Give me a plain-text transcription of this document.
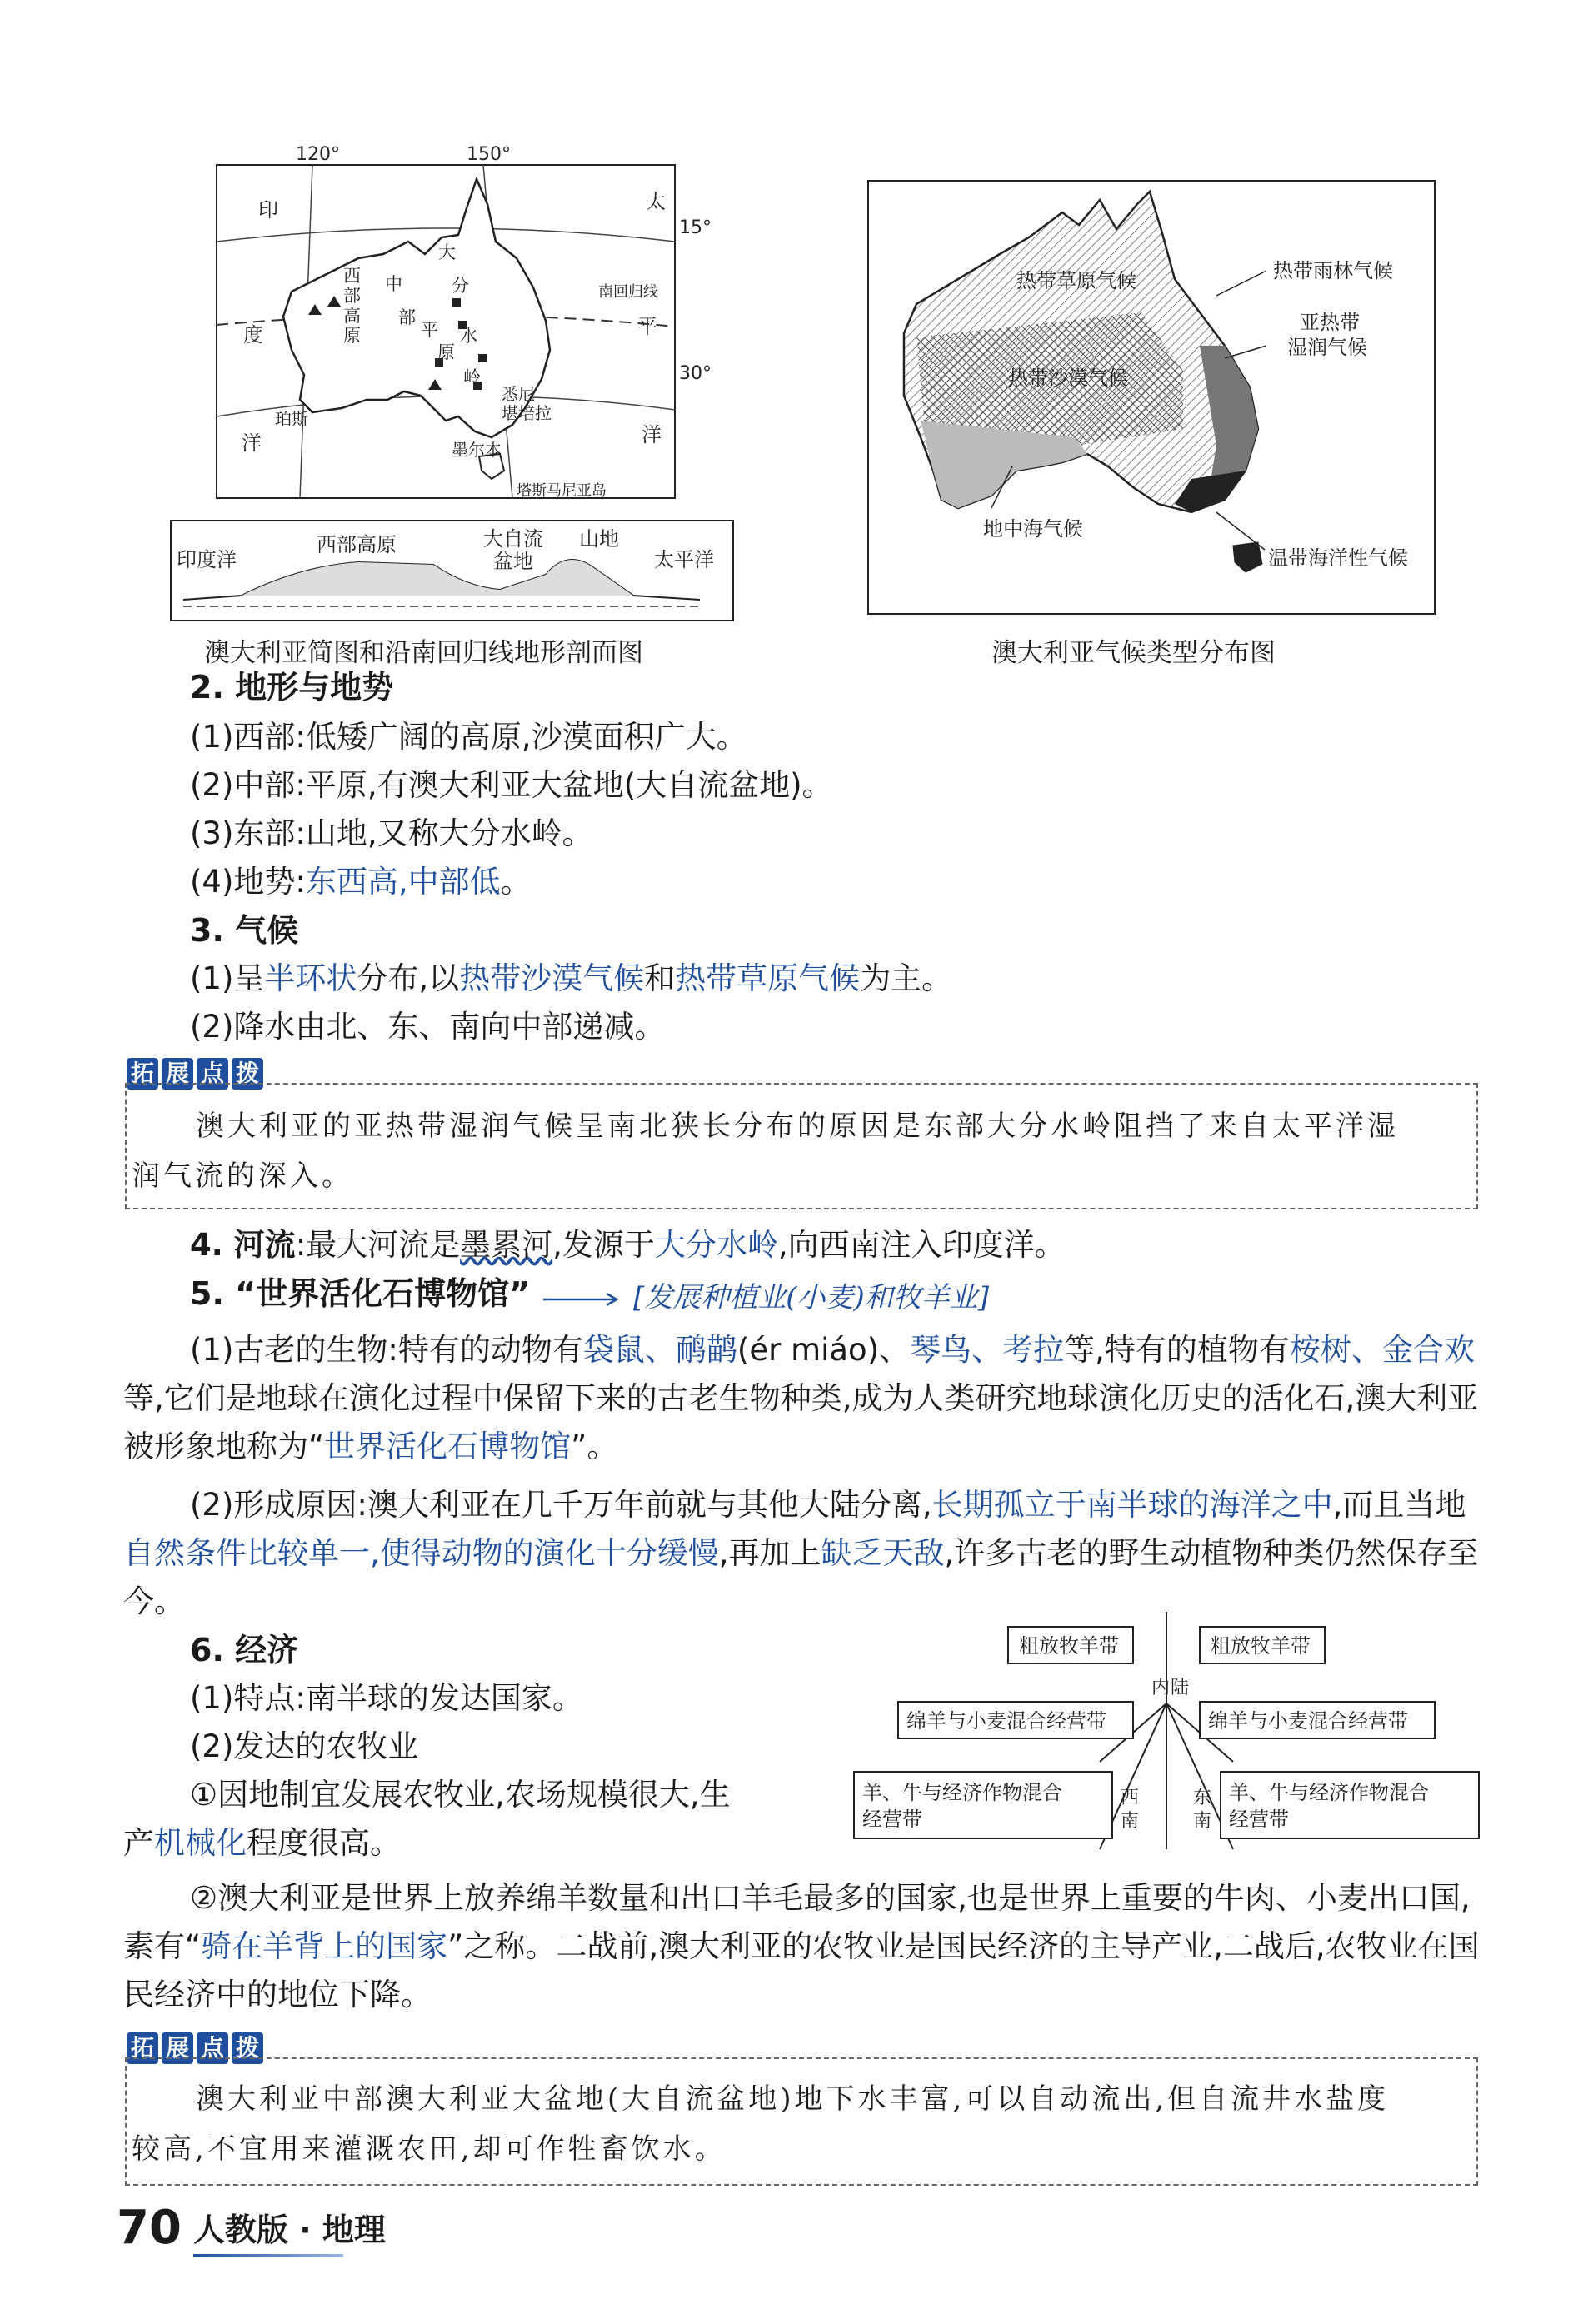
120°	150°
15°
30°
印
度
洋
太
平
洋
西
部
高
原
中
部
平
原
大
分
水
岭
南回归线
珀斯
悉尼
堪培拉
墨尔本
塔斯马尼亚岛
印度洋
西部高原	大自流
盆地
山地
太平洋
澳大利亚简图和沿南回归线地形剖面图
热带草原气候	热带雨林气候
亚热带
湿润气候
热带沙漠气候
地中海气候
温带海洋性气候
澳大利亚气候类型分布图
2. 地形与地势
(1)西部:低矮广阔的高原,沙漠面积广大。
(2)中部:平原,有澳大利亚大盆地(大自流盆地)。
(3)东部:山地,又称大分水岭。
(4)地势:东西高,中部低。
3. 气候
(1)呈半环状分布,以热带沙漠气候和热带草原气候为主。
(2)降水由北、东、南向中部递减。
拓 展 点 拨
澳大利亚的亚热带湿润气候呈南北狭长分布的原因是东部大分水岭阻挡了来自太平洋湿
润气流的深入。
4. 河流:最大河流是墨累河,发源于大分水岭,向西南注入印度洋。
5. “世界活化石博物馆”	[发展种植业(小麦)和牧羊业]
(1)古老的生物:特有的动物有袋鼠、鸸鹋(ér miáo)、琴鸟、考拉等,特有的植物有桉树、金合欢等,它们是地球在演化过程中保留下来的古老生物种类,成为人类研究地球演化历史的活化石,澳大利亚被形象地称为“世界活化石博物馆”。
(2)形成原因:澳大利亚在几千万年前就与其他大陆分离,长期孤立于南半球的海洋之中,而且当地自然条件比较单一,使得动物的演化十分缓慢,再加上缺乏天敌,许多古老的野生动植物种类仍然保存至今。
6. 经济
(1)特点:南半球的发达国家。
(2)发达的农牧业
①因地制宜发展农牧业,农场规模很大,生
产机械化程度很高。
粗放牧羊带	粗放牧羊带
绵羊与小麦混合经营带	绵羊与小麦混合经营带
羊、牛与经济作物混合
经营带
羊、牛与经济作物混合
经营带
内 陆
西
南
东
南
②澳大利亚是世界上放养绵羊数量和出口羊毛最多的国家,也是世界上重要的牛肉、小麦出口国,素有“骑在羊背上的国家”之称。二战前,澳大利亚的农牧业是国民经济的主导产业,二战后,农牧业在国民经济中的地位下降。
拓 展 点 拨
澳大利亚中部澳大利亚大盆地(大自流盆地)地下水丰富,可以自动流出,但自流井水盐度
较高,不宜用来灌溉农田,却可作牲畜饮水。
70 人教版 · 地理
